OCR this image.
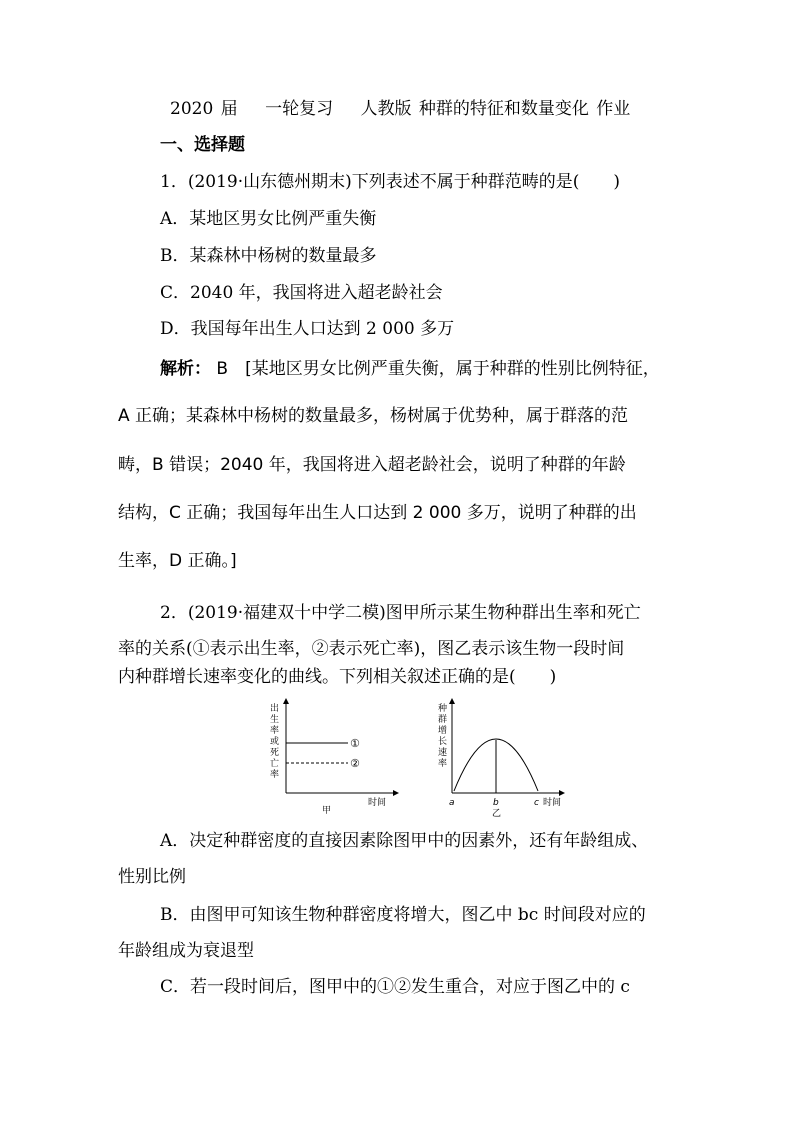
2020 届 一轮复习 人教版 种群的特征和数量变化 作业
一、选择题
1．(2019·山东德州期末)下列表述不属于种群范畴的是(　　)
A．某地区男女比例严重失衡
B．某森林中杨树的数量最多
C．2040 年，我国将进入超老龄社会
D．我国每年出生人口达到 2 000 多万
解析： B　[某地区男女比例严重失衡，属于种群的性别比例特征，
A 正确；某森林中杨树的数量最多，杨树属于优势种，属于群落的范
畴，B 错误；2040 年，我国将进入超老龄社会，说明了种群的年龄
结构，C 正确；我国每年出生人口达到 2 000 多万，说明了种群的出
生率，D 正确。]
2．(2019·福建双十中学二模)图甲所示某生物种群出生率和死亡
率的关系(①表示出生率，②表示死亡率)，图乙表示该生物一段时间
内种群增长速率变化的曲线。下列相关叙述正确的是(　　)
①
②
出
生
率
或
死
亡
率
时间
甲
种
群
增
长
速
率
a	b	c 时间
乙
A．决定种群密度的直接因素除图甲中的因素外，还有年龄组成、
性别比例
B．由图甲可知该生物种群密度将增大，图乙中 bc 时间段对应的
年龄组成为衰退型
C．若一段时间后，图甲中的①②发生重合，对应于图乙中的 c
